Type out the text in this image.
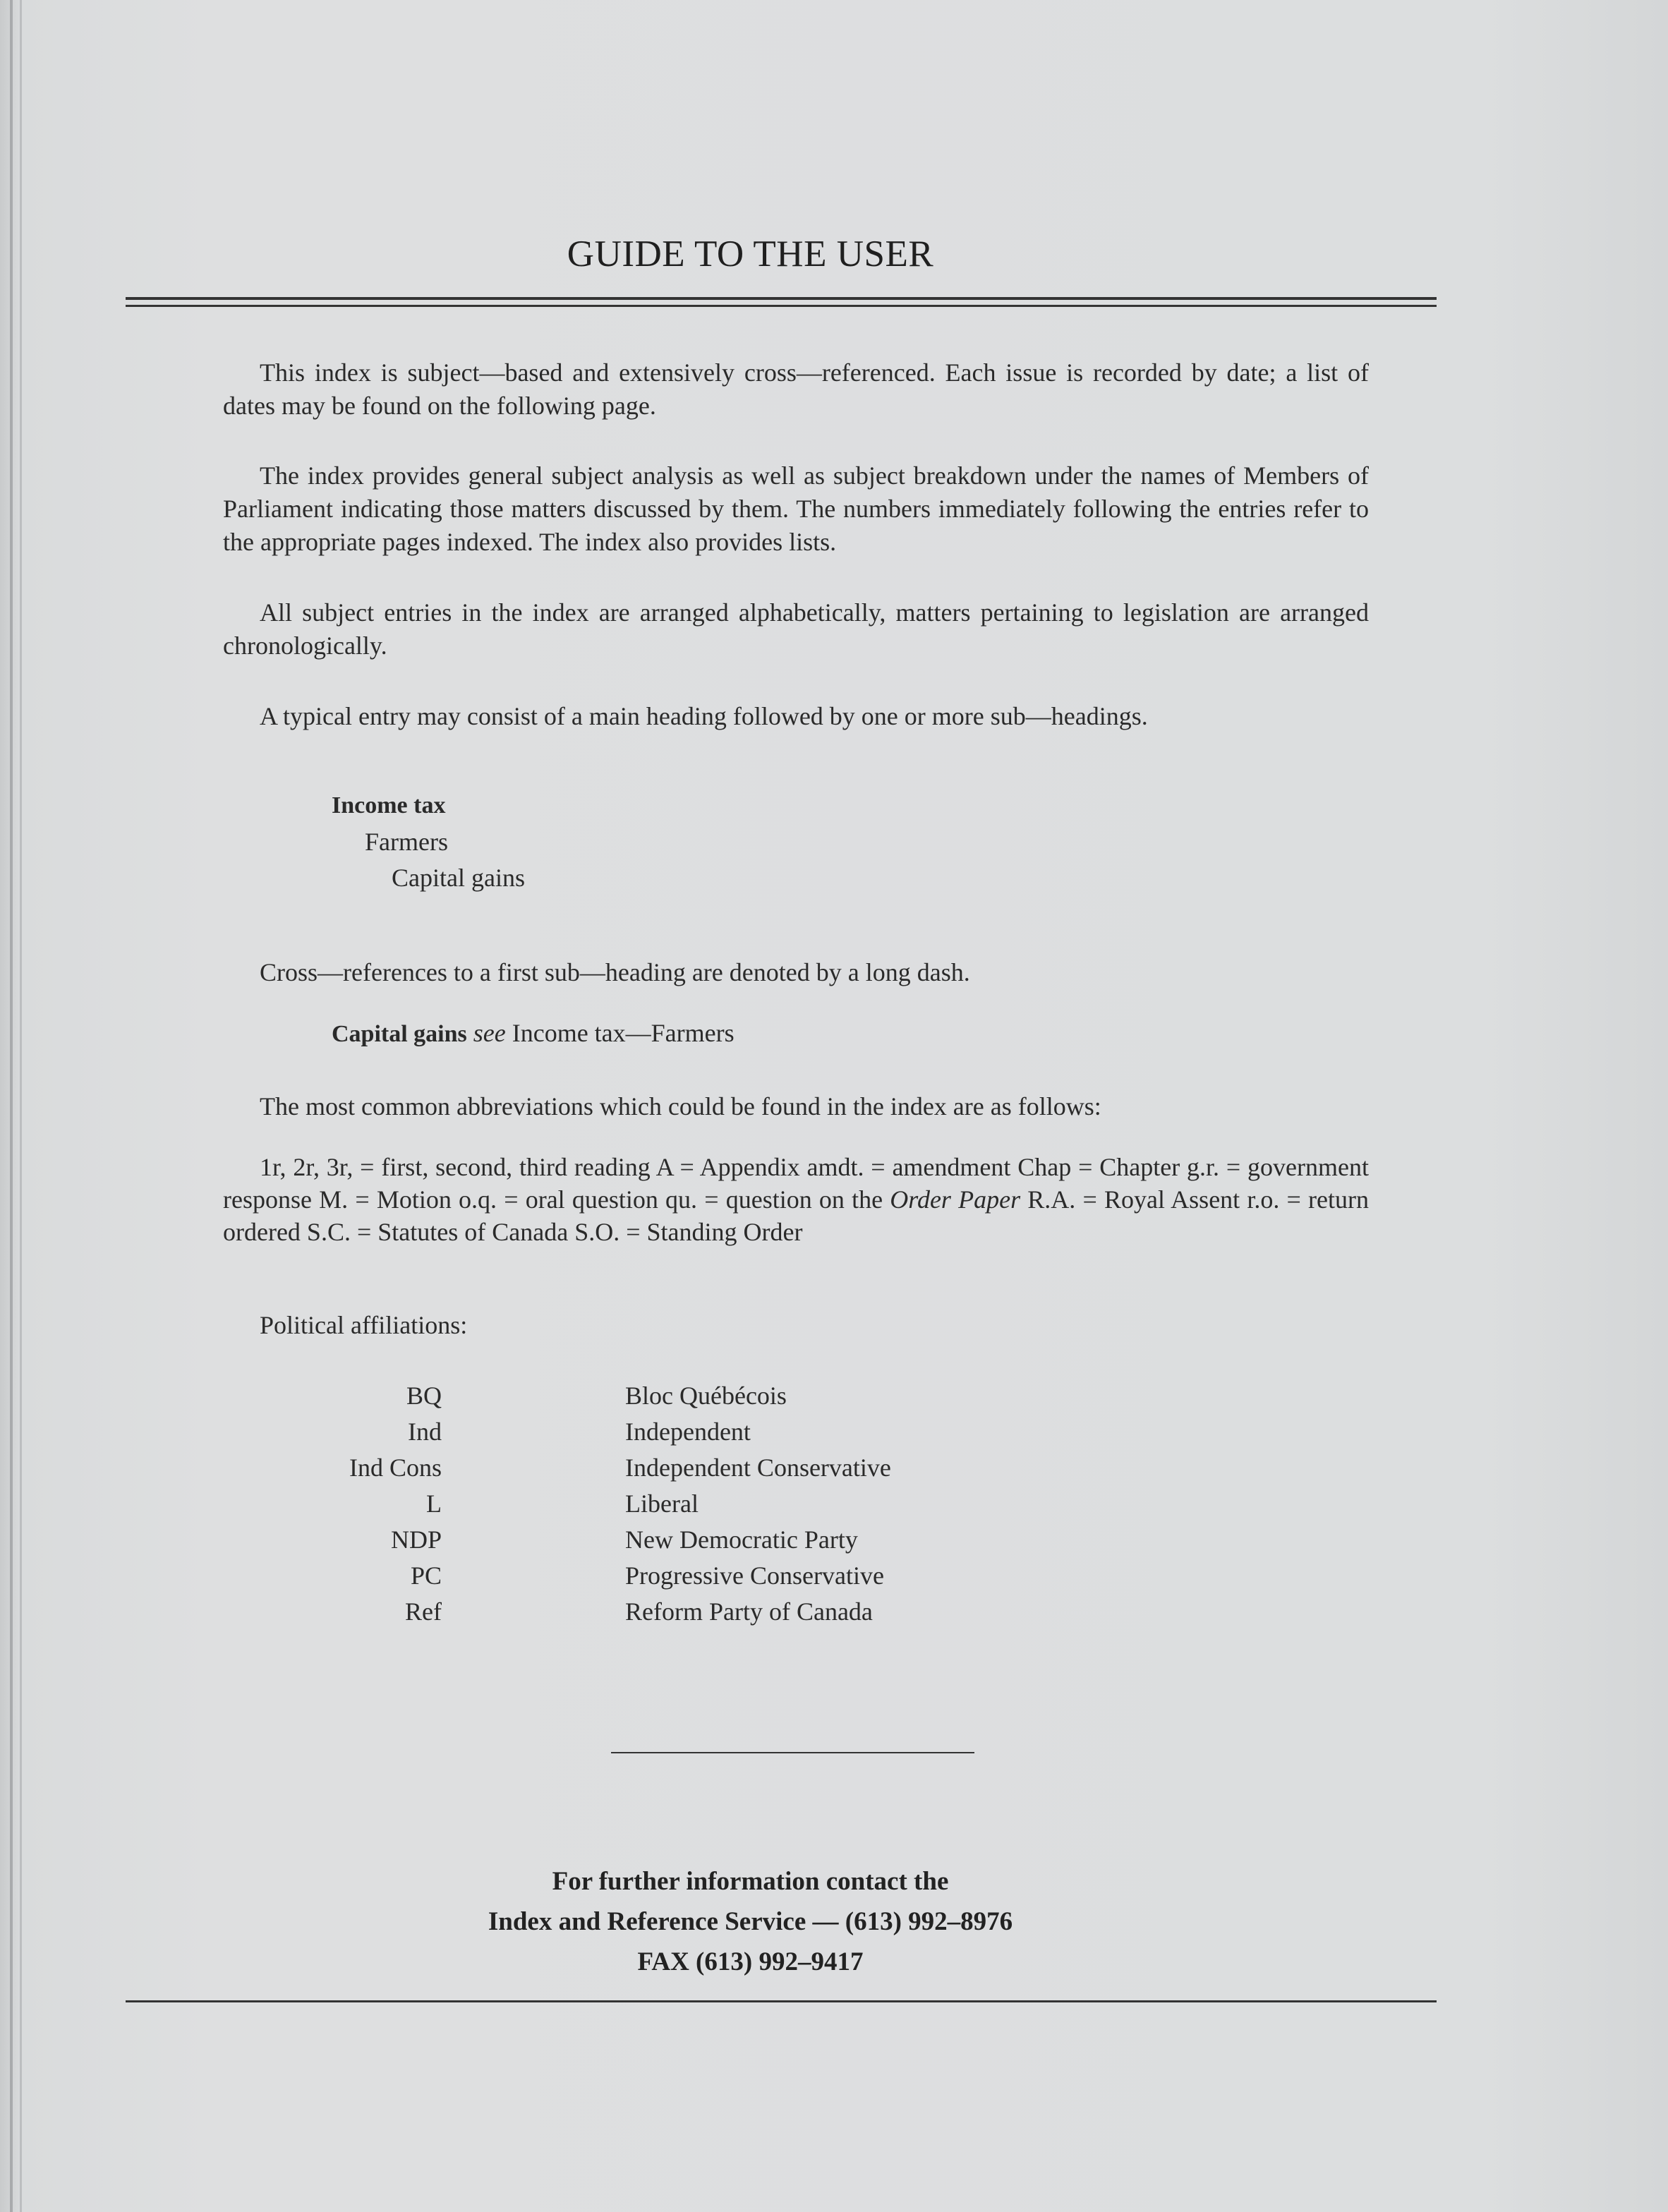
GUIDE TO THE USER
This index is subject—based and extensively cross—referenced. Each issue is recorded by date; a list of dates may be found on the following page.
The index provides general subject analysis as well as subject breakdown under the names of Members of Parliament indicating those matters discussed by them. The numbers immediately following the entries refer to the appropriate pages indexed. The index also provides lists.
All subject entries in the index are arranged alphabetically, matters pertaining to legislation are arranged chronologically.
A typical entry may consist of a main heading followed by one or more sub—headings.
Income tax
Farmers
Capital gains
Cross—references to a first sub—heading are denoted by a long dash.
Capital gains see Income tax—Farmers
The most common abbreviations which could be found in the index are as follows:
1r, 2r, 3r, = first, second, third reading A = Appendix amdt. = amendment Chap = Chapter g.r. = government response M. = Motion o.q. = oral question qu. = question on the Order Paper R.A. = Royal Assent r.o. = return ordered S.C. = Statutes of Canada S.O. = Standing Order
Political affiliations:
BQ	Bloc Québécois
Ind	Independent
Ind Cons	Independent Conservative
L	Liberal
NDP	New Democratic Party
PC	Progressive Conservative
Ref	Reform Party of Canada
For further information contact the
Index and Reference Service — (613) 992–8976
FAX (613) 992–9417
